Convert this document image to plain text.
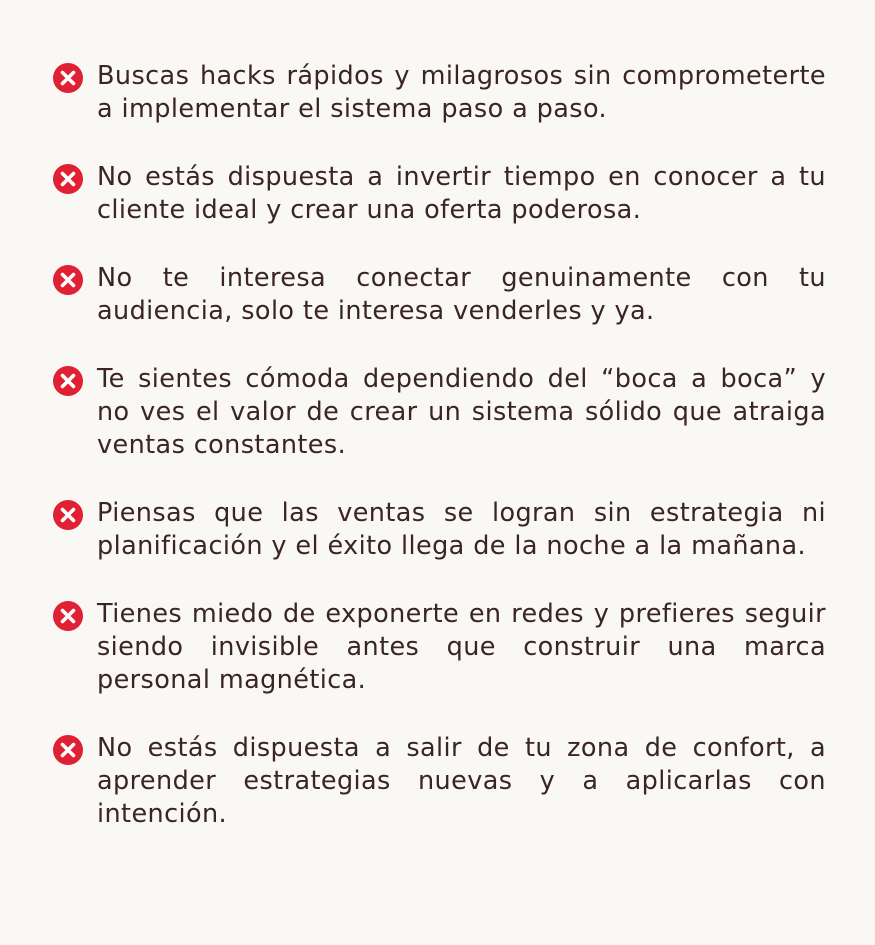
Buscas hacks rápidos y milagrosos sin comprometerte a implementar el sistema paso a paso.
No estás dispuesta a invertir tiempo en conocer a tu cliente ideal y crear una oferta poderosa.
No te interesa conectar genuinamente con tu audiencia, solo te interesa venderles y ya.
Te sientes cómoda dependiendo del “boca a boca” y no ves el valor de crear un sistema sólido que atraiga ventas constantes.
Piensas que las ventas se logran sin estrategia ni planificación y el éxito llega de la noche a la mañana.
Tienes miedo de exponerte en redes y prefieres seguir siendo invisible antes que construir una marca personal magnética.
No estás dispuesta a salir de tu zona de confort, a aprender estrategias nuevas y a aplicarlas con intención.
